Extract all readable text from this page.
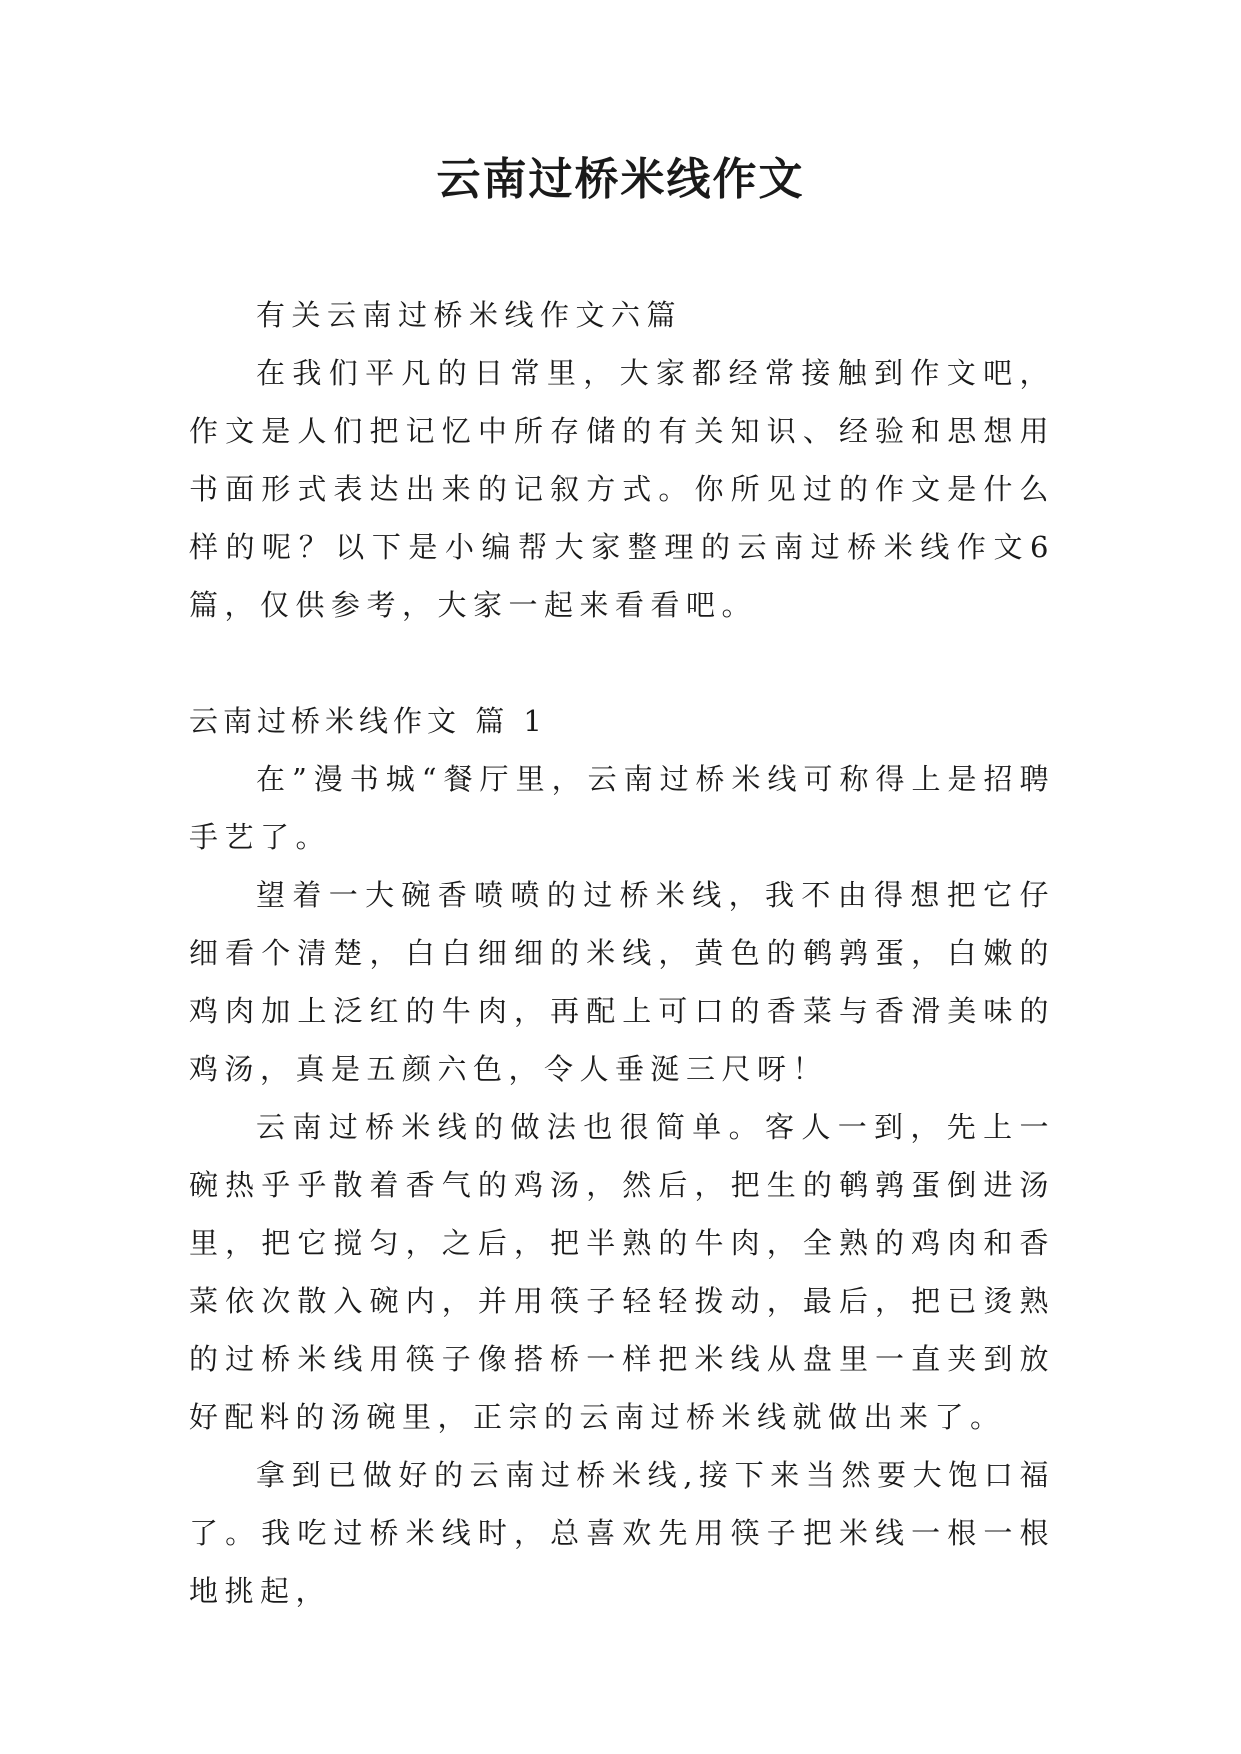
云南过桥米线作文

有关云南过桥米线作文六篇

在我们平凡的日常里，大家都经常接触到作文吧，作文是人们把记忆中所存储的有关知识、经验和思想用书面形式表达出来的记叙方式。你所见过的作文是什么样的呢？以下是小编帮大家整理的云南过桥米线作文6篇，仅供参考，大家一起来看看吧。

云南过桥米线作文 篇 1

在”漫书城“餐厅里，云南过桥米线可称得上是招聘手艺了。

望着一大碗香喷喷的过桥米线，我不由得想把它仔细看个清楚，白白细细的米线，黄色的鹌鹑蛋，白嫩的鸡肉加上泛红的牛肉，再配上可口的香菜与香滑美味的鸡汤，真是五颜六色，令人垂涎三尺呀！

云南过桥米线的做法也很简单。客人一到，先上一碗热乎乎散着香气的鸡汤，然后，把生的鹌鹑蛋倒进汤里，把它搅匀，之后，把半熟的牛肉，全熟的鸡肉和香菜依次散入碗内，并用筷子轻轻拨动，最后，把已烫熟的过桥米线用筷子像搭桥一样把米线从盘里一直夹到放好配料的汤碗里，正宗的云南过桥米线就做出来了。

拿到已做好的云南过桥米线,接下来当然要大饱口福了。我吃过桥米线时，总喜欢先用筷子把米线一根一根地挑起，
